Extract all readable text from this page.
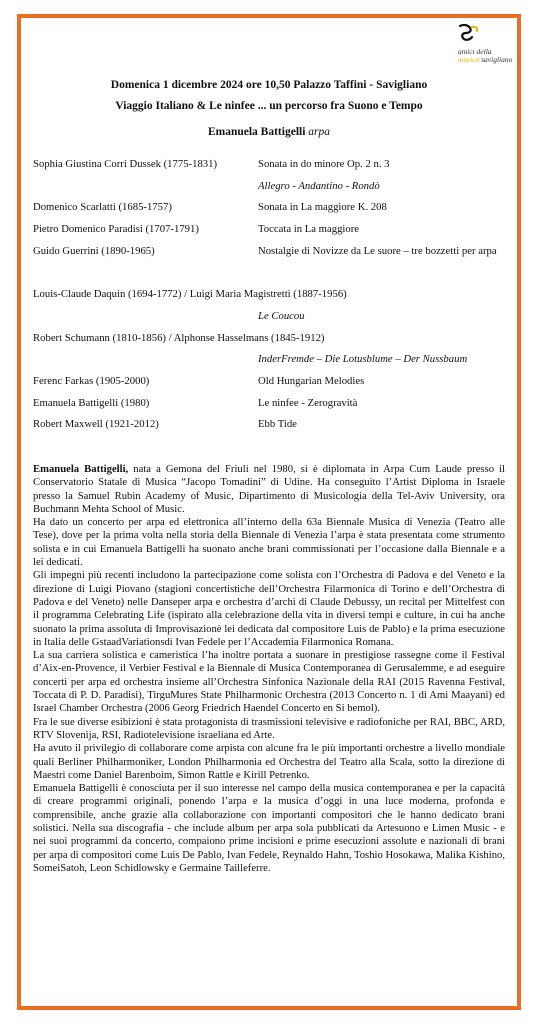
amici della
musica savigliano
Domenica 1 dicembre 2024 ore 10,50 Palazzo Taffini - Savigliano
Viaggio Italiano & Le ninfee ... un percorso fra Suono e Tempo
Emanuela Battigelli arpa
Sophia Giustina Corri Dussek (1775-1831)	Sonata in do minore Op. 2 n. 3
Allegro - Andantino - Rondò
Domenico Scarlatti (1685-1757)	Sonata in La maggiore K. 208
Pietro Domenico Paradisi (1707-1791)	Toccata in La maggiore
Guido Guerrini (1890-1965)	Nostalgie di Novizze da Le suore – tre bozzetti per arpa
Louis-Claude Daquin (1694-1772) / Luigi Maria Magistretti (1887-1956)
Le Coucou
Robert Schumann (1810-1856) / Alphonse Hasselmans (1845-1912)
InderFremde – Die Lotusblume – Der Nussbaum
Ferenc Farkas (1905-2000)	Old Hungarian Melodies
Emanuela Battigelli (1980)	Le ninfee - Zerogravità
Robert Maxwell (1921-2012)	Ebb Tide

Emanuela Battigelli, nata a Gemona del Friuli nel 1980, si è diplomata in Arpa Cum Laude presso il Conservatorio Statale di Musica “Jacopo Tomadini” di Udine. Ha conseguito l’Artist Diploma in Israele presso la Samuel Rubin Academy of Music, Dipartimento di Musicologia della Tel-Aviv University, ora Buchmann Mehta School of Music.

Ha dato un concerto per arpa ed elettronica all’interno della 63a Biennale Musica di Venezia (Teatro alle Tese), dove per la prima volta nella storia della Biennale di Venezia l’arpa è stata presentata come strumento solista e in cui Emanuela Battigelli ha suonato anche brani commissionati per l’occasione dalla Biennale e a lei dedicati.

Gli impegni più recenti includono la partecipazione come solista con l’Orchestra di Padova e del Veneto e la direzione di Luigi Piovano (stagioni concertistiche dell’Orchestra Filarmonica di Torino e dell’Orchestra di Padova e del Veneto) nelle Danseper arpa e orchestra d’archi di Claude Debussy, un recital per Mittelfest con il programma Celebrating Life (ispirato alla celebrazione della vita in diversi tempi e culture, in cui ha anche suonato la prima assoluta di Improvisazionè lei dedicata dal compositore Luis de Pablo) e la prima esecuzione in Italia delle GstaadVariationsdi Ivan Fedele per l’Accademia Filarmonica Romana.

La sua carriera solistica e cameristica l’ha inoltre portata a suonare in prestigiose rassegne come il Festival d’Aix-en-Provence, il Verbier Festival e la Biennale di Musica Contemporanea di Gerusalemme, e ad eseguire concerti per arpa ed orchestra insieme all’Orchestra Sinfonica Nazionale della RAI (2015 Ravenna Festival, Toccata di P. D. Paradisi), TirguMures State Philharmonic Orchestra (2013 Concerto n. 1 di Ami Maayani) ed Israel Chamber Orchestra (2006 Georg Friedrich Haendel Concerto en Si bemol).

Fra le sue diverse esibizioni è stata protagonista di trasmissioni televisive e radiofoniche per RAI, BBC, ARD, RTV Slovenija, RSI, Radiotelevisione israeliana ed Arte.

Ha avuto il privilegio di collaborare come arpista con alcune fra le più importanti orchestre a livello mondiale quali Berliner Philharmoniker, London Philharmonia ed Orchestra del Teatro alla Scala, sotto la direzione di Maestri come Daniel Barenboim, Simon Rattle e Kirill Petrenko.

Emanuela Battigelli è conosciuta per il suo interesse nel campo della musica contemporanea e per la capacità di creare programmi originali, ponendo l’arpa e la musica d’oggi in una luce moderna, profonda e comprensibile, anche grazie alla collaborazione con importanti compositori che le hanno dedicato brani solistici. Nella sua discografia - che include album per arpa sola pubblicati da Artesuono e Limen Music - e nei suoi programmi da concerto, compaiono prime incisioni e prime esecuzioni assolute e nazionali di brani per arpa di compositori come Luis De Pablo, Ivan Fedele, Reynaldo Hahn, Toshio Hosokawa, Malika Kishino, SomeiSatoh, Leon Schidlowsky e Germaine Tailleferre.
